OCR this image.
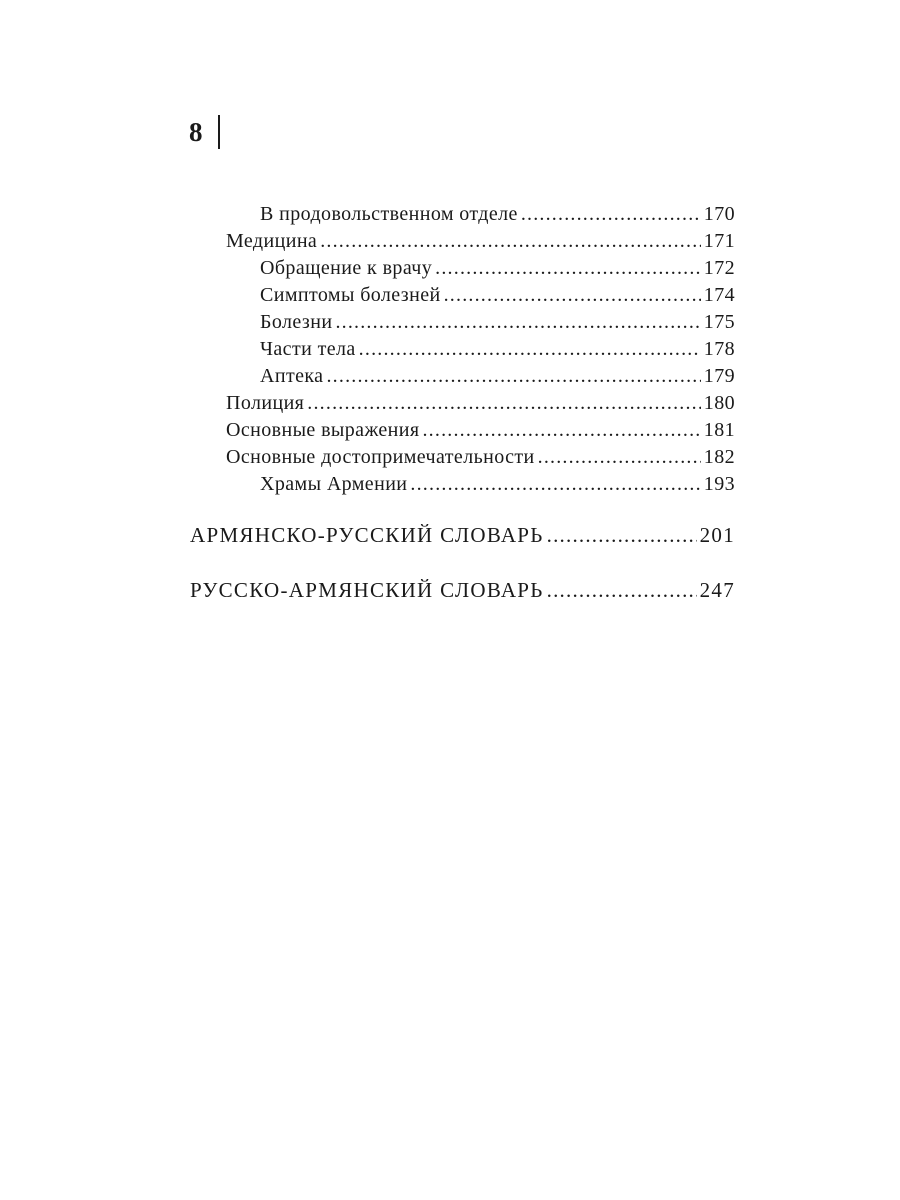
8
В продовольственном отделе .....	170
Медицина .....	171
Обращение к врачу .....	172
Симптомы болезней .....	174
Болезни .....	175
Части тела .....	178
Аптека .....	179
Полиция .....	180
Основные выражения .....	181
Основные достопримечательности .....	182
Храмы Армении .....	193
АРМЯНСКО-РУССКИЙ СЛОВАРЬ .....	201
РУССКО-АРМЯНСКИЙ СЛОВАРЬ .....	247
